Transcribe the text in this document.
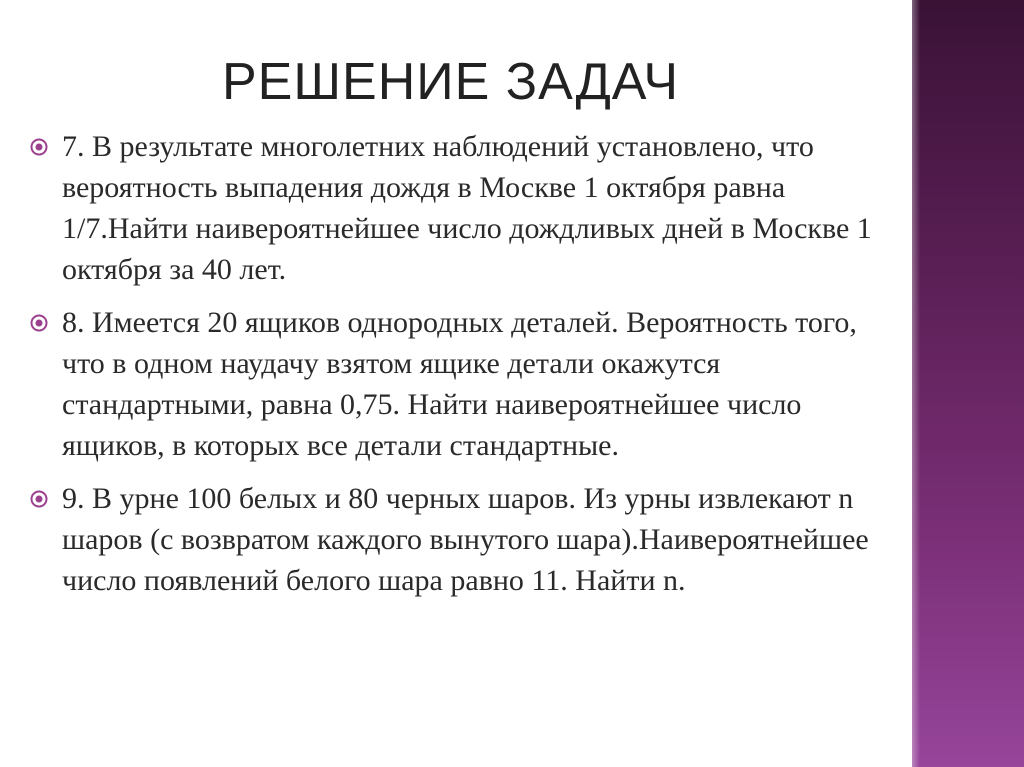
РЕШЕНИЕ ЗАДАЧ
7. В результате многолетних наблюдений установлено, что вероятность выпадения дождя в Москве 1 октября равна 1/7.Найти наивероятнейшее число дождливых дней в Москве 1 октября за 40 лет.
8. Имеется 20 ящиков однородных деталей. Вероятность того, что в одном наудачу взятом ящике детали окажутся стандартными, равна 0,75. Найти наивероятнейшее число ящиков, в которых все детали стандартные.
9. В урне 100 белых и 80 черных шаров. Из урны извлекают n шаров (с возвратом каждого вынутого шара).Наивероятнейшее число появлений белого шара равно 11. Найти n.
